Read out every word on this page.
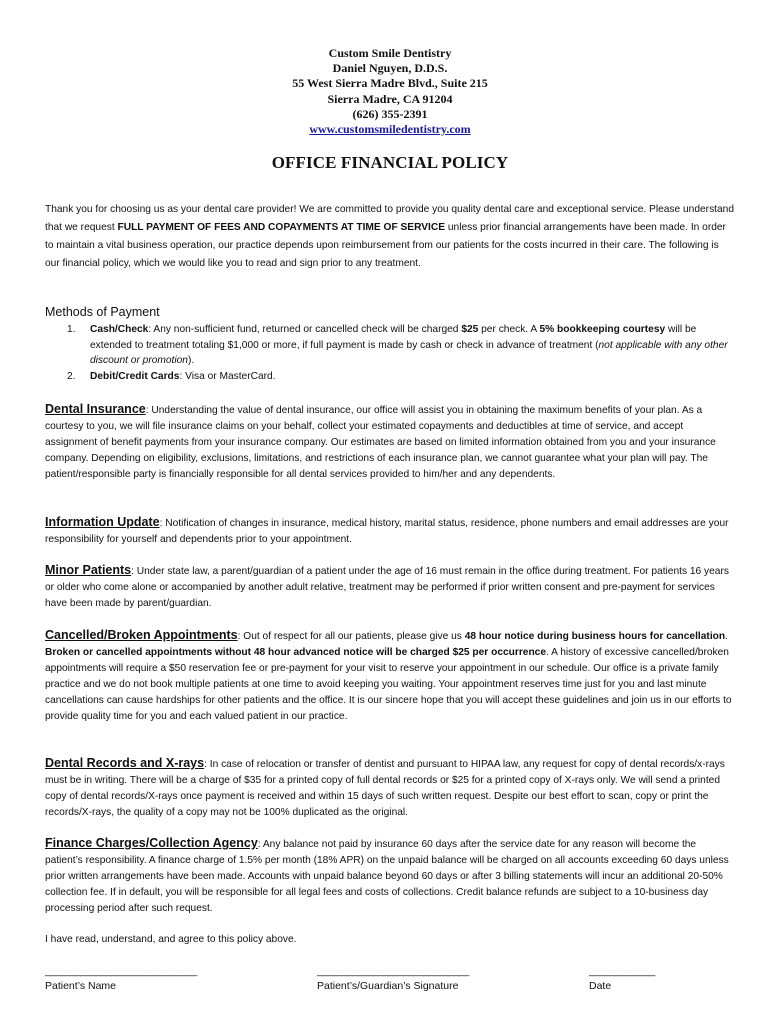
Custom Smile Dentistry
Daniel Nguyen, D.D.S.
55 West Sierra Madre Blvd., Suite 215
Sierra Madre, CA 91204
(626) 355-2391
www.customsmiledentistry.com
OFFICE FINANCIAL POLICY

Thank you for choosing us as your dental care provider! We are committed to provide you quality dental care and exceptional service. Please understand that we request FULL PAYMENT OF FEES AND COPAYMENTS AT TIME OF SERVICE unless prior financial arrangements have been made. In order to maintain a vital business operation, our practice depends upon reimbursement from our patients for the costs incurred in their care. The following is our financial policy, which we would like you to read and sign prior to any treatment.

Methods of Payment
1. Cash/Check: Any non-sufficient fund, returned or cancelled check will be charged $25 per check. A 5% bookkeeping courtesy will be extended to treatment totaling $1,000 or more, if full payment is made by cash or check in advance of treatment (not applicable with any other discount or promotion).
2. Debit/Credit Cards: Visa or MasterCard.

Dental Insurance: Understanding the value of dental insurance, our office will assist you in obtaining the maximum benefits of your plan. As a courtesy to you, we will file insurance claims on your behalf, collect your estimated copayments and deductibles at time of service, and accept assignment of benefit payments from your insurance company. Our estimates are based on limited information obtained from you and your insurance company. Depending on eligibility, exclusions, limitations, and restrictions of each insurance plan, we cannot guarantee what your plan will pay. The patient/responsible party is financially responsible for all dental services provided to him/her and any dependents.

Information Update: Notification of changes in insurance, medical history, marital status, residence, phone numbers and email addresses are your responsibility for yourself and dependents prior to your appointment.

Minor Patients: Under state law, a parent/guardian of a patient under the age of 16 must remain in the office during treatment. For patients 16 years or older who come alone or accompanied by another adult relative, treatment may be performed if prior written consent and pre-payment for services have been made by parent/guardian.

Cancelled/Broken Appointments: Out of respect for all our patients, please give us 48 hour notice during business hours for cancellation. Broken or cancelled appointments without 48 hour advanced notice will be charged $25 per occurrence. A history of excessive cancelled/broken appointments will require a $50 reservation fee or pre-payment for your visit to reserve your appointment in our schedule. Our office is a private family practice and we do not book multiple patients at one time to avoid keeping you waiting. Your appointment reserves time just for you and last minute cancellations can cause hardships for other patients and the office. It is our sincere hope that you will accept these guidelines and join us in our efforts to provide quality time for you and each valued patient in our practice.

Dental Records and X-rays: In case of relocation or transfer of dentist and pursuant to HIPAA law, any request for copy of dental records/x-rays must be in writing. There will be a charge of $35 for a printed copy of full dental records or $25 for a printed copy of X-rays only. We will send a printed copy of dental records/X-rays once payment is received and within 15 days of such written request. Despite our best effort to scan, copy or print the records/X-rays, the quality of a copy may not be 100% duplicated as the original.

Finance Charges/Collection Agency: Any balance not paid by insurance 60 days after the service date for any reason will become the patient’s responsibility. A finance charge of 1.5% per month (18% APR) on the unpaid balance will be charged on all accounts exceeding 60 days unless prior written arrangements have been made. Accounts with unpaid balance beyond 60 days or after 3 billing statements will incur an additional 20-50% collection fee. If in default, you will be responsible for all legal fees and costs of collections. Credit balance refunds are subject to a 10-business day processing period after such request.

I have read, understand, and agree to this policy above.

______________________________	______________________________	_____________
Patient’s Name	Patient’s/Guardian’s Signature	Date
